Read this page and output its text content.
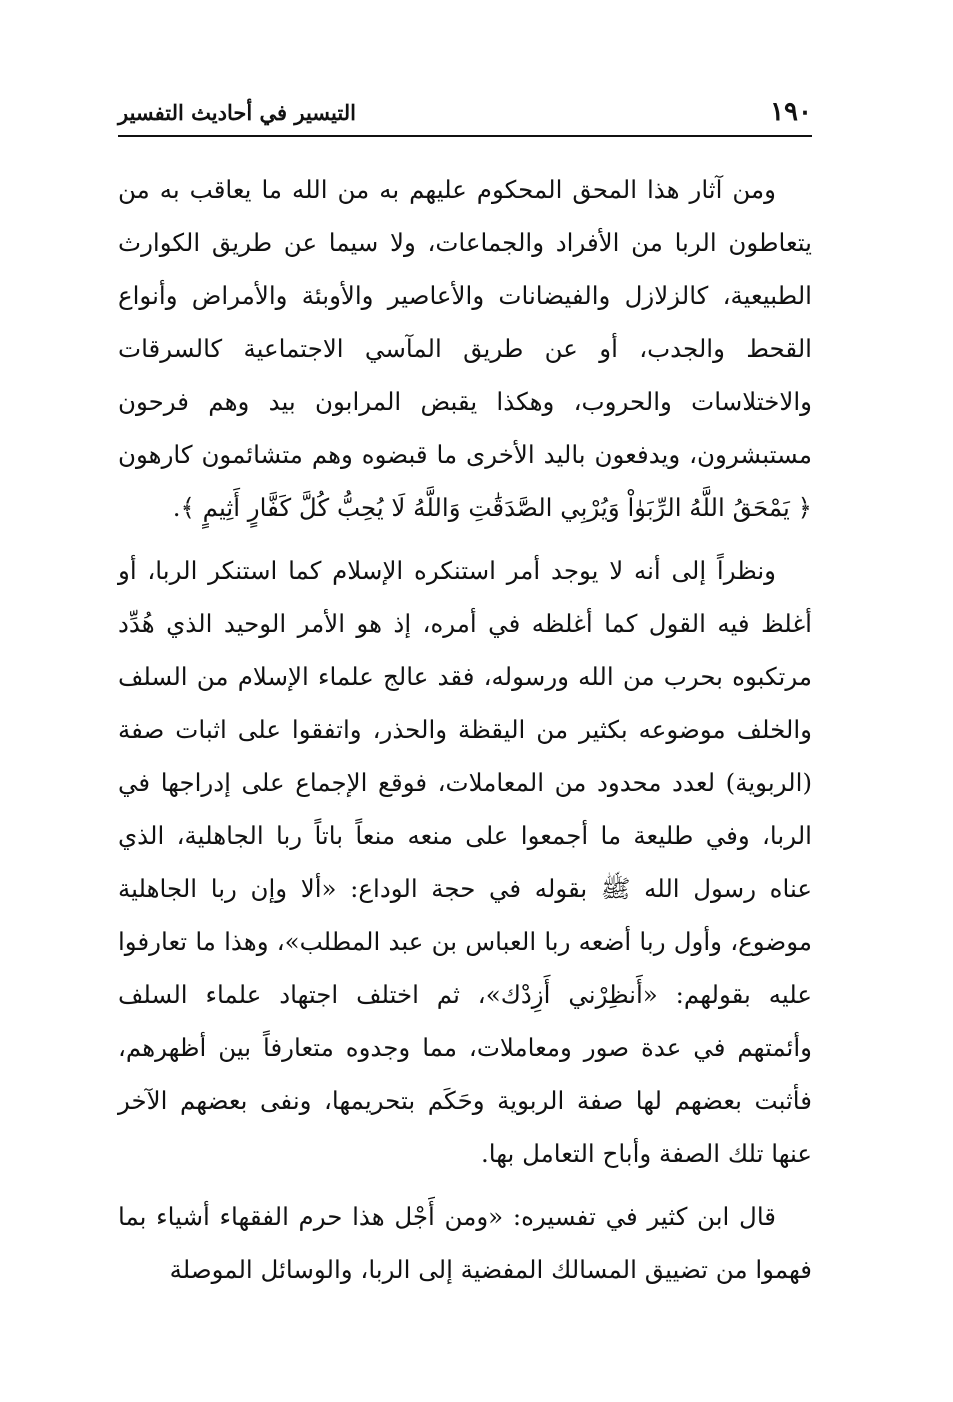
١٩٠
التيسير في أحاديث التفسير

ومن آثار هذا المحق المحكوم عليهم به من الله ما يعاقب به من يتعاطون الربا من الأفراد والجماعات، ولا سيما عن طريق الكوارث الطبيعية، كالزلازل والفيضانات والأعاصير والأوبئة والأمراض وأنواع القحط والجدب، أو عن طريق المآسي الاجتماعية كالسرقات والاختلاسات والحروب، وهكذا يقبض المرابون بيد وهم فرحون مستبشرون، ويدفعون باليد الأخرى ما قبضوه وهم متشائمون كارهون ﴿ يَمْحَقُ اللَّهُ الرِّبَوٰاْ وَيُرْبِي الصَّدَقَٰتِ وَاللَّهُ لَا يُحِبُّ كُلَّ كَفَّارٍ أَثِيمٍ ﴾.

ونظراً إلى أنه لا يوجد أمر استنكره الإسلام كما استنكر الربا، أو أغلظ فيه القول كما أغلظه في أمره، إذ هو الأمر الوحيد الذي هُدِّد مرتكبوه بحرب من الله ورسوله، فقد عالج علماء الإسلام من السلف والخلف موضوعه بكثير من اليقظة والحذر، واتفقوا على اثبات صفة (الربوية) لعدد محدود من المعاملات، فوقع الإجماع على إدراجها في الربا، وفي طليعة ما أجمعوا على منعه منعاً باتاً ربا الجاهلية، الذي عناه رسول الله ﷺ بقوله في حجة الوداع: «ألا وإن ربا الجاهلية موضوع، وأول ربا أضعه ربا العباس بن عبد المطلب»، وهذا ما تعارفوا عليه بقولهم: «أَنظِرْني أَزِدْك»، ثم اختلف اجتهاد علماء السلف وأئمتهم في عدة صور ومعاملات، مما وجدوه متعارفاً بين أظهرهم، فأثبت بعضهم لها صفة الربوية وحَكَم بتحريمها، ونفى بعضهم الآخر عنها تلك الصفة وأباح التعامل بها.

قال ابن كثير في تفسيره: «ومن أَجْل هذا حرم الفقهاء أشياء بما فهموا من تضييق المسالك المفضية إلى الربا، والوسائل الموصلة
